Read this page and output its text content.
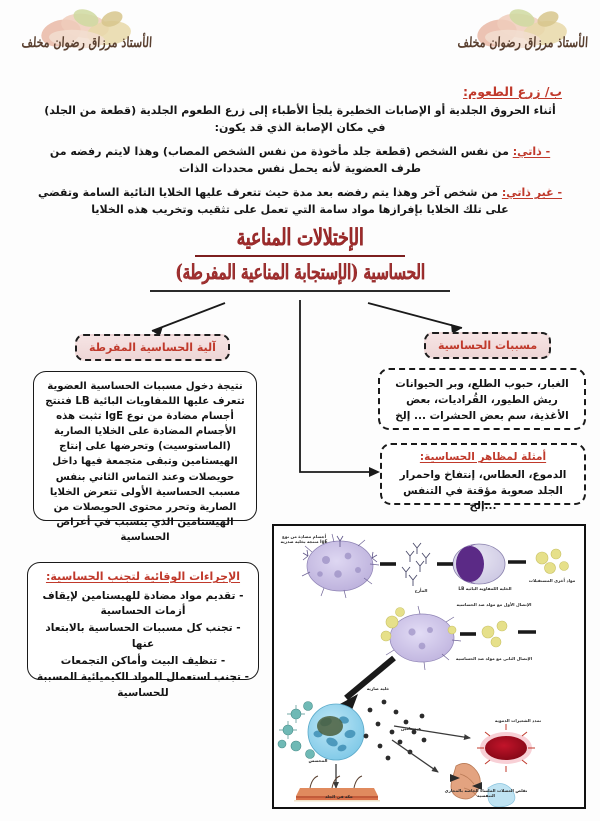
الأستاذ مرزاق رضوان مخلف	الأستاذ مرزاق رضوان مخلف
ب/ زرع الطعوم:
أثناء الحروق الجلدية أو الإصابات الخطيرة يلجأ الأطباء إلى زرع الطعوم الجلدية (قطعة من الجلد) في مكان الإصابة الذي قد يكون:
- ذاتي: من نفس الشخص (قطعة جلد مأخوذة من نفس الشخص المصاب) وهذا لايتم رفضه من طرف العضوية لأنه يحمل نفس محددات الذات
- غير ذاتي: من شخص آخر وهذا يتم رفضه بعد مدة حيث تتعرف عليها الخلايا التائية السامة وتقضي على تلك الخلايا بإفرازها مواد سامة التي تعمل على تثقيب وتخريب هذه الخلايا
الإختلالات المناعية
الحساسية (الإستجابة المناعية المفرطة)
آلية الحساسية المفرطة	مسببات الحساسية
نتيجة دخول مسببات الحساسية العضوية تتعرف عليها اللمفاويات البائية LB فتنتج أجسام مضادة من نوع IgE تثبت هذه الأجسام المضادة على الخلايا الصارية (الماستوسيت) وتحرضها على إنتاج الهيستامين وتبقى متجمعة فيها داخل حويصلات وعند التماس الثاني بنفس مسبب الحساسية الأولى تتعرض الخلايا الصارية وتحرر محتوى الحويصلات من الهيستامين الذي يتسبب في أعراض الحساسية
الغبار، حبوب الطلع، وبر الحيوانات ريش الطيور، القُراديات، بعض الأغذية، سم بعض الحشرات ... إلخ
أمثلة لمظاهر الحساسية:
الدموع، العطاس، إنتفاخ واحمرار الجلد صعوبة مؤقتة في التنفس ...إلخ
الإجراءات الوقائية لتجنب الحساسية:
- تقديم مواد مضادة للهيستامين لإيقاف أزمات الحساسية
- تجنب كل مسببات الحساسية بالابتعاد عنها
- تنظيف البيت وأماكن التجمعات
- تجنب استعمال المواد الكيميائية المسببة للحساسية
أجسام مضادة من نوع IgE منتجة بخلية صدرية
المأرج	الخلية اللمفاوية البائية LB
مواد أخرى المستقبلات
الإتصال الأول مع مولد ضد الحساسية
الإتصال الثاني مع مولد ضد الحساسية
خلية صارية
هيستامين
المحسس
تمدد الشعيرات الدموية
حكة في الجلد
تقلص العضلات الملساء الخاصة بالمجاري التنفسية
